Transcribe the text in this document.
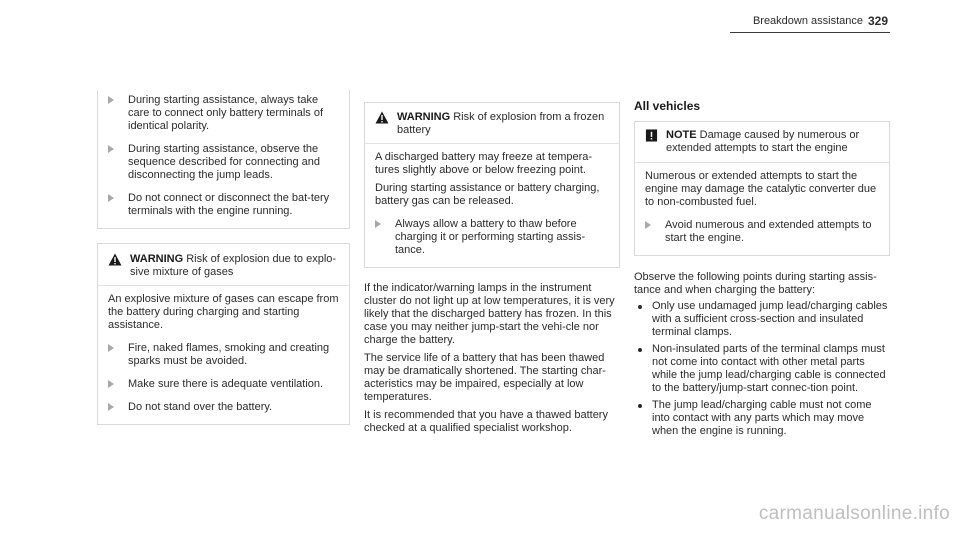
Breakdown assistance 329
During starting assistance, always take care to connect only battery terminals of identical polarity.
During starting assistance, observe the sequence described for connecting and disconnecting the jump leads.
Do not connect or disconnect the bat-tery terminals with the engine running.
WARNING Risk of explosion due to explo-sive mixture of gases

An explosive mixture of gases can escape from the battery during charging and starting assistance.

Fire, naked flames, smoking and creating sparks must be avoided.
Make sure there is adequate ventilation.
Do not stand over the battery.
WARNING Risk of explosion from a frozen battery

A discharged battery may freeze at tempera-tures slightly above or below freezing point.

During starting assistance or battery charging, battery gas can be released.

Always allow a battery to thaw before charging it or performing starting assis-tance.

If the indicator/warning lamps in the instrument cluster do not light up at low temperatures, it is very likely that the discharged battery has frozen. In this case you may neither jump-start the vehi-cle nor charge the battery.

The service life of a battery that has been thawed may be dramatically shortened. The starting char-acteristics may be impaired, especially at low temperatures.

It is recommended that you have a thawed battery checked at a qualified specialist workshop.

All vehicles
NOTE Damage caused by numerous or extended attempts to start the engine

Numerous or extended attempts to start the engine may damage the catalytic converter due to non-combusted fuel.

Avoid numerous and extended attempts to start the engine.

Observe the following points during starting assis-tance and when charging the battery:

Only use undamaged jump lead/charging cables with a sufficient cross-section and insulated terminal clamps.
Non-insulated parts of the terminal clamps must not come into contact with other metal parts while the jump lead/charging cable is connected to the battery/jump-start connec-tion point.
The jump lead/charging cable must not come into contact with any parts which may move when the engine is running.
carmanualsonline.info
